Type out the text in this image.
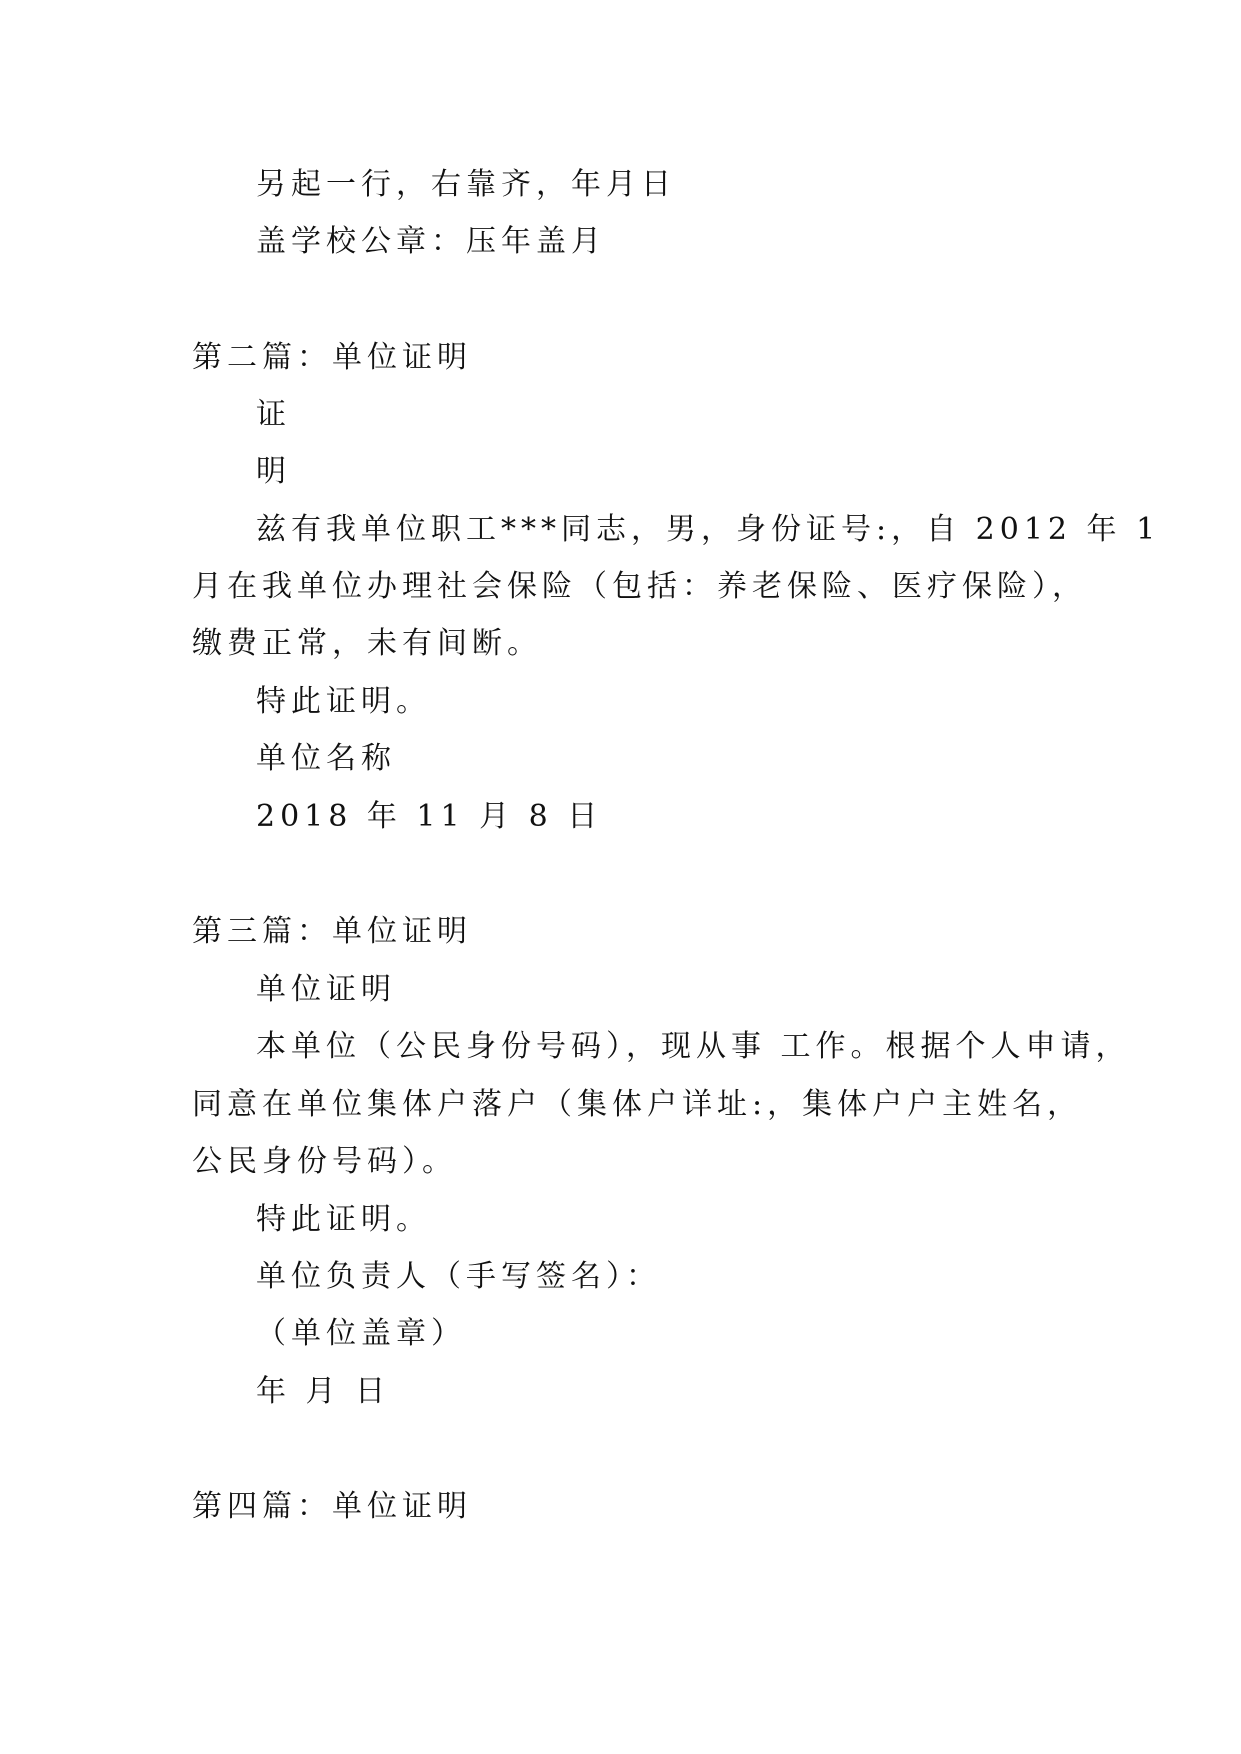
另起一行，右靠齐，年月日

盖学校公章：压年盖月

第二篇：单位证明

证

明

兹有我单位职工***同志，男，身份证号:，自 2012 年 1

月在我单位办理社会保险（包括：养老保险、医疗保险），

缴费正常，未有间断。

特此证明。

单位名称

2018 年 11 月 8 日

第三篇：单位证明

单位证明

本单位（公民身份号码），现从事 工作。根据个人申请，

同意在单位集体户落户（集体户详址:，集体户户主姓名，

公民身份号码）。

特此证明。

单位负责人（手写签名）：

（单位盖章）

年 月 日

第四篇：单位证明
